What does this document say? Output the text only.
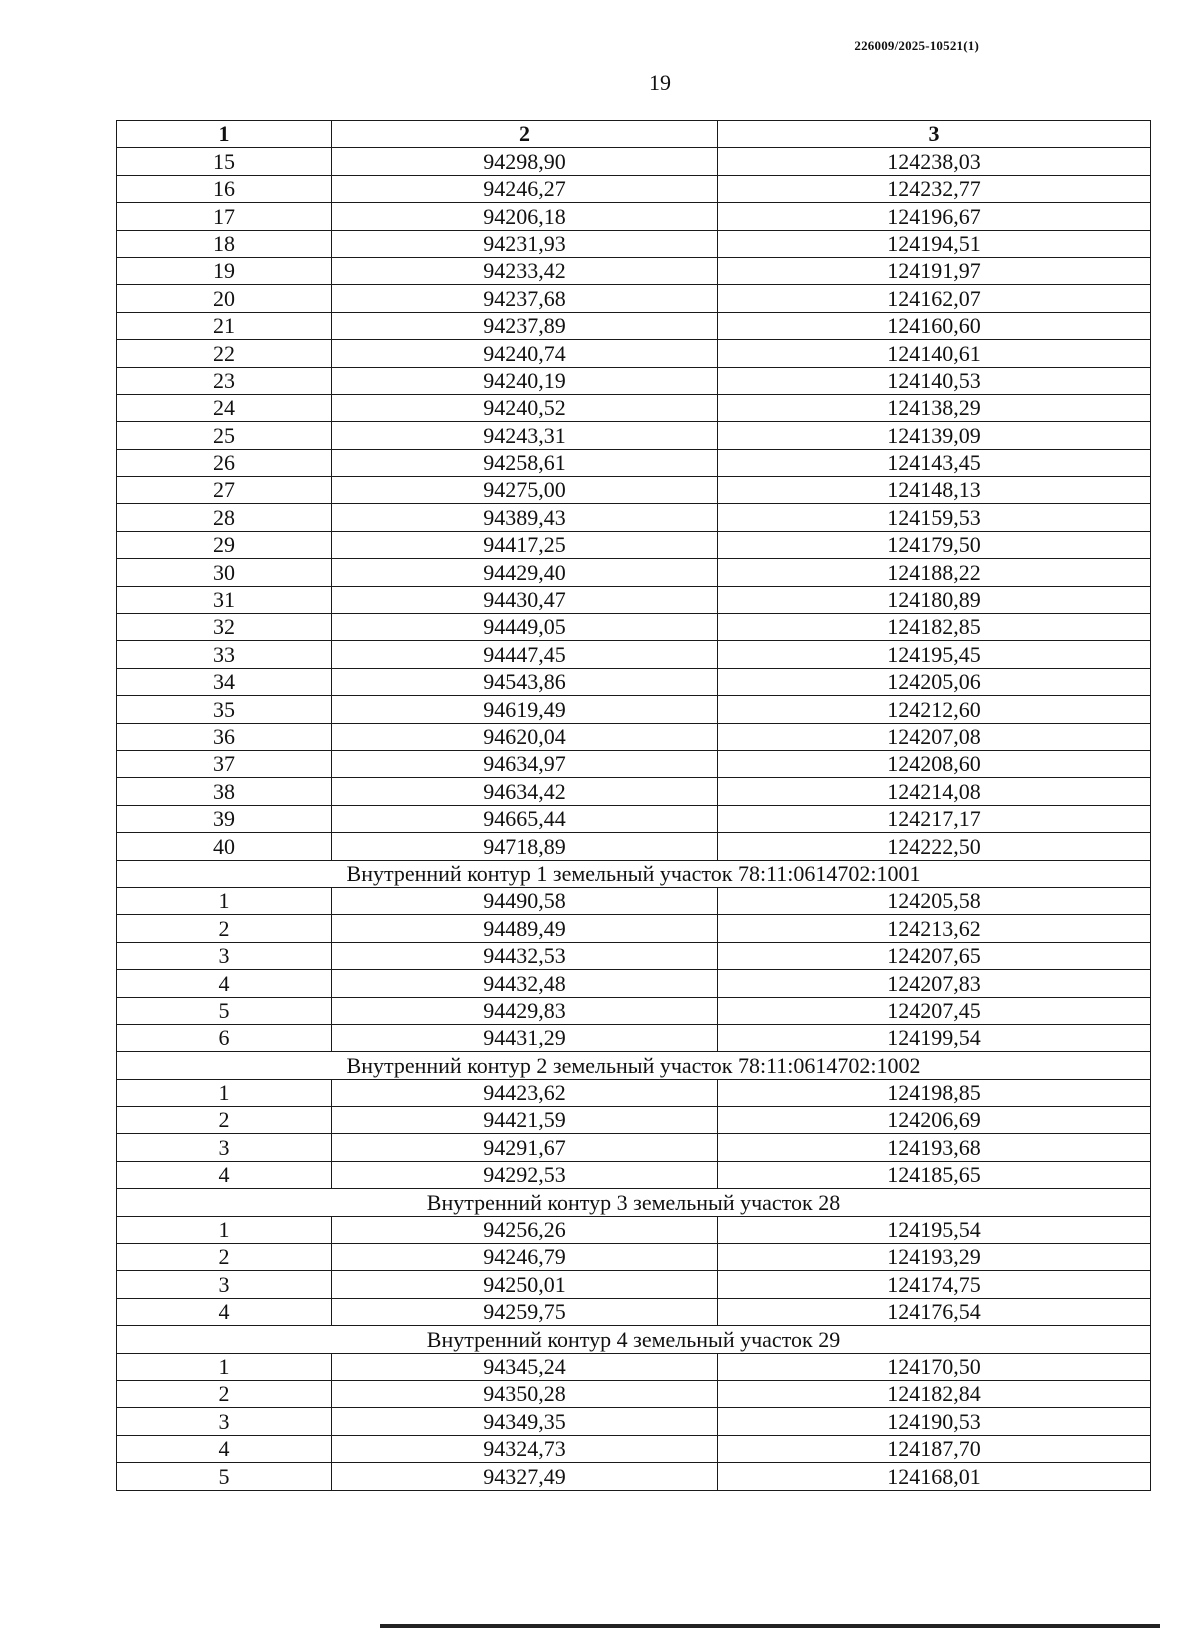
226009/2025-10521(1)
19
1	2	3
15	94298,90	124238,03
16	94246,27	124232,77
17	94206,18	124196,67
18	94231,93	124194,51
19	94233,42	124191,97
20	94237,68	124162,07
21	94237,89	124160,60
22	94240,74	124140,61
23	94240,19	124140,53
24	94240,52	124138,29
25	94243,31	124139,09
26	94258,61	124143,45
27	94275,00	124148,13
28	94389,43	124159,53
29	94417,25	124179,50
30	94429,40	124188,22
31	94430,47	124180,89
32	94449,05	124182,85
33	94447,45	124195,45
34	94543,86	124205,06
35	94619,49	124212,60
36	94620,04	124207,08
37	94634,97	124208,60
38	94634,42	124214,08
39	94665,44	124217,17
40	94718,89	124222,50
Внутренний контур 1 земельный участок 78:11:0614702:1001		
1	94490,58	124205,58
2	94489,49	124213,62
3	94432,53	124207,65
4	94432,48	124207,83
5	94429,83	124207,45
6	94431,29	124199,54
Внутренний контур 2 земельный участок 78:11:0614702:1002		
1	94423,62	124198,85
2	94421,59	124206,69
3	94291,67	124193,68
4	94292,53	124185,65
Внутренний контур 3 земельный участок 28		
1	94256,26	124195,54
2	94246,79	124193,29
3	94250,01	124174,75
4	94259,75	124176,54
Внутренний контур 4 земельный участок 29		
1	94345,24	124170,50
2	94350,28	124182,84
3	94349,35	124190,53
4	94324,73	124187,70
5	94327,49	124168,01
